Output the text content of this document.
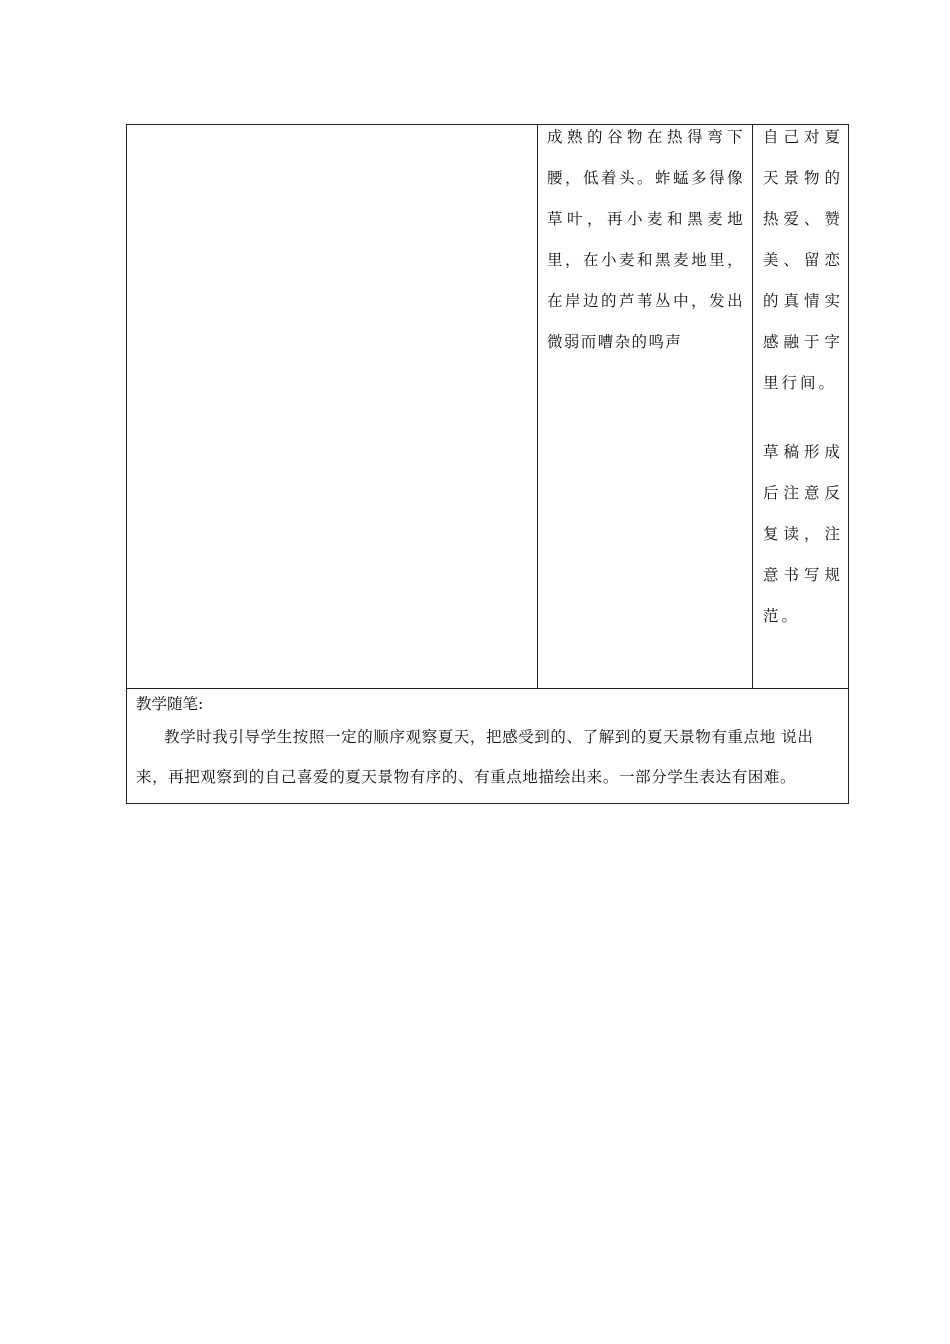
成熟的谷物在热得弯下腰，低着头。蚱蜢多得像草叶，再小麦和黑麦地里，在小麦和黑麦地里，在岸边的芦苇丛中，发出微弱而嘈杂的鸣声
自己对夏天景物的热爱、赞美、留恋的真情实感融于字里行间。
草稿形成后注意反复读，注意书写规范。
教学随笔:
教学时我引导学生按照一定的顺序观察夏天，把感受到的、了解到的夏天景物有重点地 说出来，再把观察到的自己喜爱的夏天景物有序的、有重点地描绘出来。一部分学生表达有困难。
